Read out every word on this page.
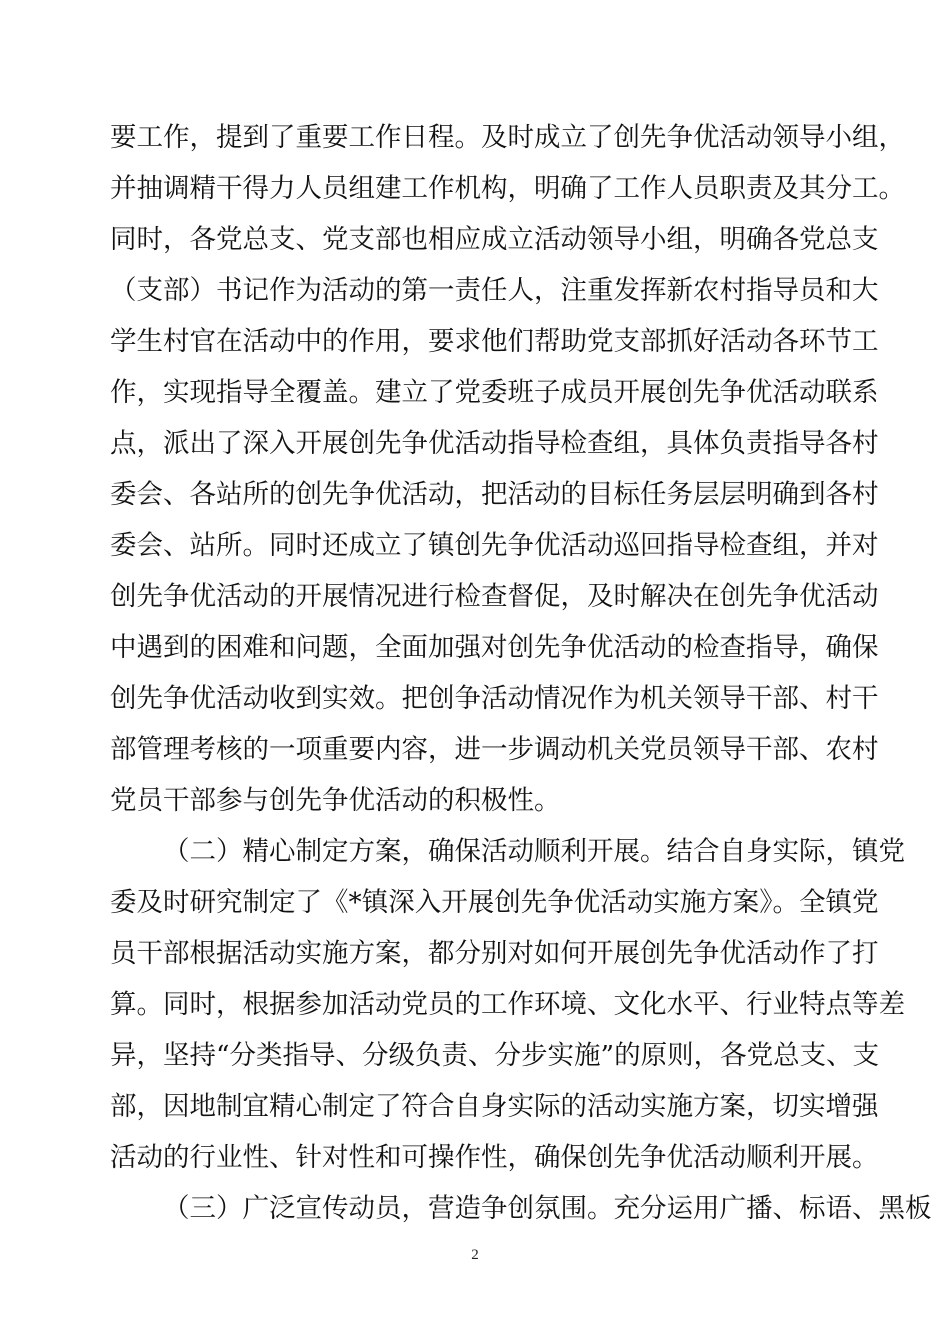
要工作，提到了重要工作日程。及时成立了创先争优活动领导小组，
并抽调精干得力人员组建工作机构，明确了工作人员职责及其分工。
同时，各党总支、党支部也相应成立活动领导小组，明确各党总支
（支部）书记作为活动的第一责任人，注重发挥新农村指导员和大
学生村官在活动中的作用，要求他们帮助党支部抓好活动各环节工
作，实现指导全覆盖。建立了党委班子成员开展创先争优活动联系
点，派出了深入开展创先争优活动指导检查组，具体负责指导各村
委会、各站所的创先争优活动，把活动的目标任务层层明确到各村
委会、站所。同时还成立了镇创先争优活动巡回指导检查组，并对
创先争优活动的开展情况进行检查督促，及时解决在创先争优活动
中遇到的困难和问题，全面加强对创先争优活动的检查指导，确保
创先争优活动收到实效。把创争活动情况作为机关领导干部、村干
部管理考核的一项重要内容，进一步调动机关党员领导干部、农村
党员干部参与创先争优活动的积极性。
（二）精心制定方案，确保活动顺利开展。结合自身实际，镇党
委及时研究制定了《*镇深入开展创先争优活动实施方案》。全镇党
员干部根据活动实施方案，都分别对如何开展创先争优活动作了打
算。同时，根据参加活动党员的工作环境、文化水平、行业特点等差
异，坚持“分类指导、分级负责、分步实施”的原则，各党总支、支
部，因地制宜精心制定了符合自身实际的活动实施方案，切实增强
活动的行业性、针对性和可操作性，确保创先争优活动顺利开展。
（三）广泛宣传动员，营造争创氛围。充分运用广播、标语、黑板
2
